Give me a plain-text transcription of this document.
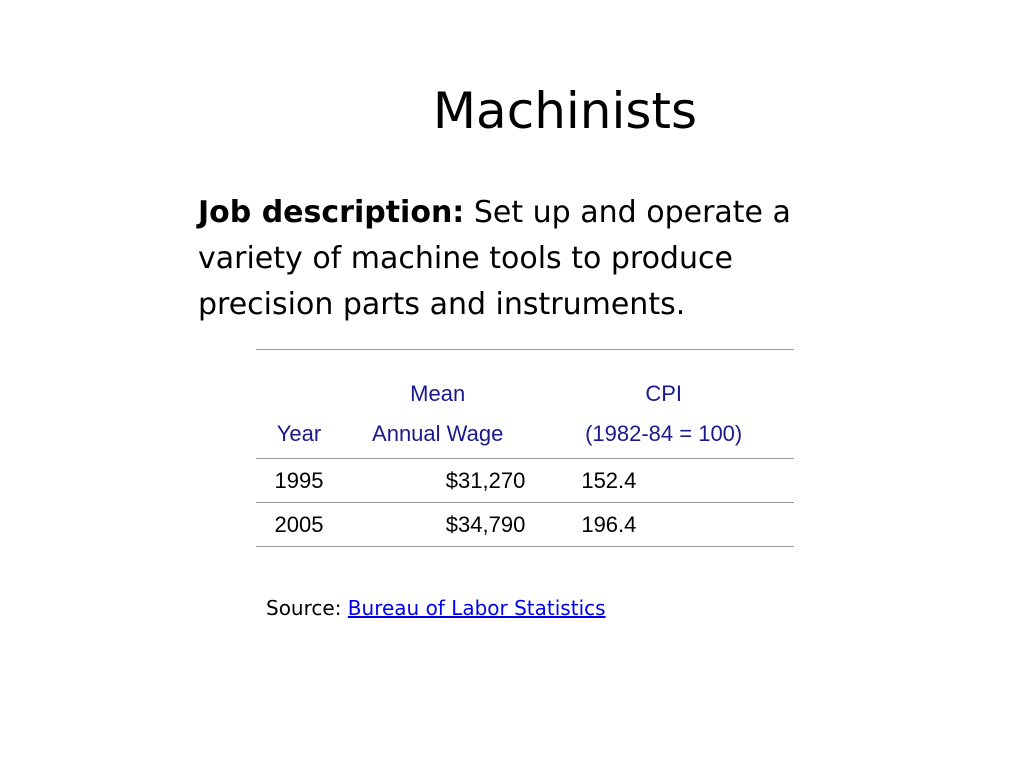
Machinists
Job description: Set up and operate a variety of machine tools to produce precision parts and instruments.
	Mean	CPI
Year	Annual Wage	(1982-84 = 100)
1995	$31,270	152.4
2005	$34,790	196.4
Source: Bureau of Labor Statistics
